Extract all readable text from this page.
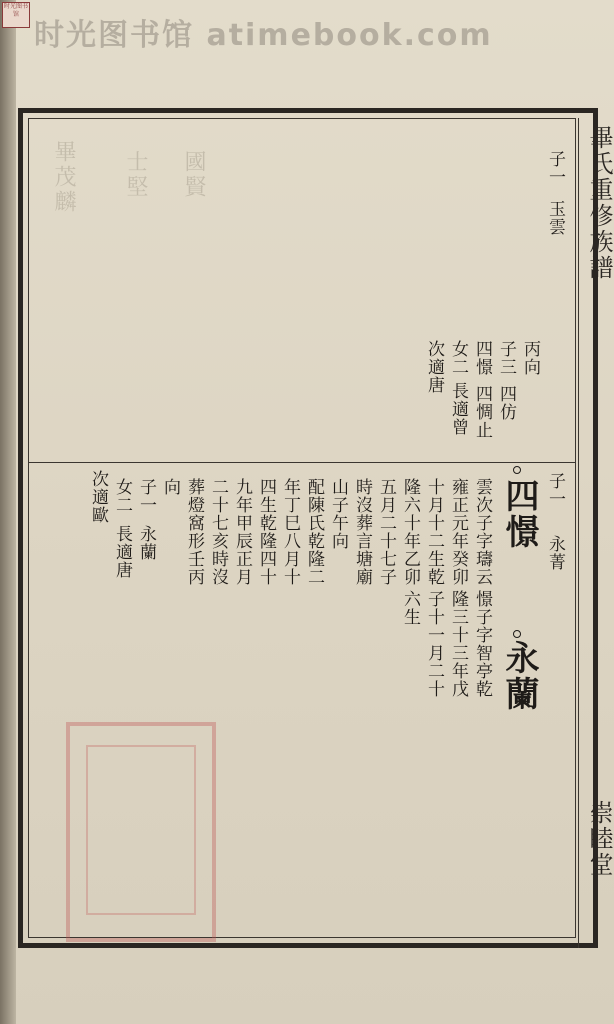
时光图书馆
时光图书馆 atimebook.com
畢氏重修族譜
崇睦堂
畢茂麟 士堅 國賢	子一
玉雲
丙向
子三
四仿
四憬
四惆止
女二
長適曾
次適唐
子一
永菁
四憬
永蘭
憬子字智亭乾
隆三十三年戊
子十一月二十
六生
雲次子字璹云
雍正元年癸卯
十月十二生乾
隆六十年乙卯
五月二十七子
時沒葬言塘廟
山子午向
配陳氏乾隆二
年丁巳八月十
四生乾隆四十
九年甲辰正月
二十七亥時沒
葬燈窩形壬丙
向
子一
永蘭
女二
長適唐
次適歐
